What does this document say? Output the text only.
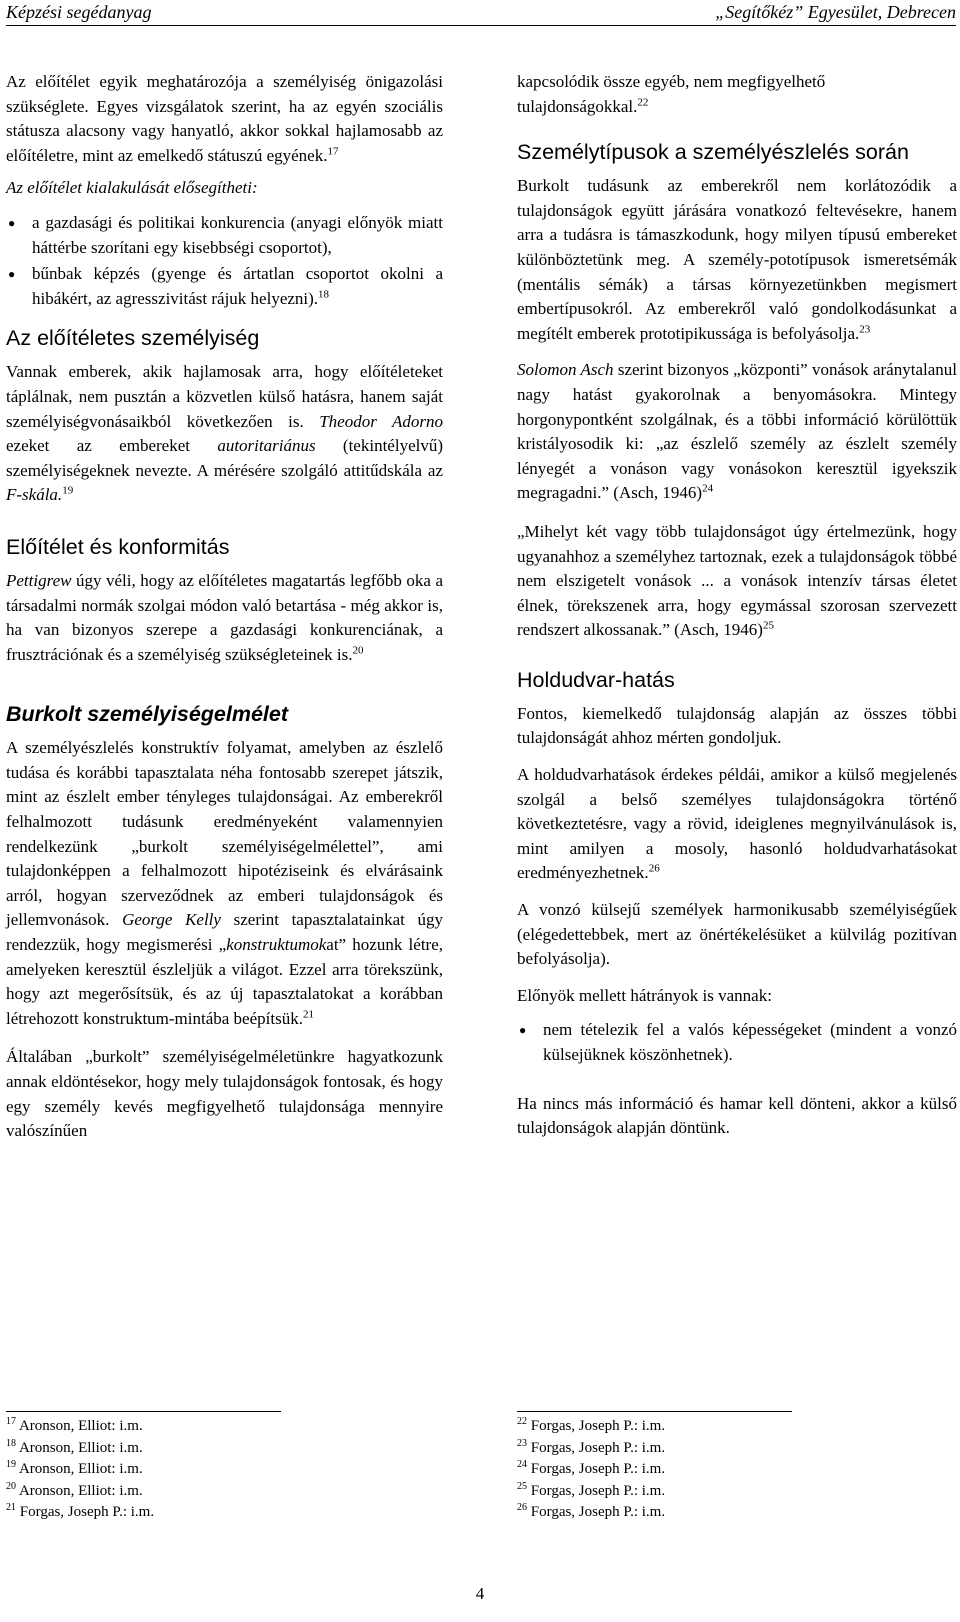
Képzési segédanyag	„Segítőkéz” Egyesület, Debrecen

Az előítélet egyik meghatározója a személyiség önigazolási szükséglete. Egyes vizsgálatok szerint, ha az egyén szociális státusza alacsony vagy hanyatló, akkor sokkal hajlamosabb az előítéletre, mint az emelkedő státuszú egyének.$^{17}$

Az előítélet kialakulását elősegítheti:

● a gazdasági és politikai konkurencia (anyagi előnyök miatt háttérbe szorítani egy kisebbségi csoportot),
● bűnbak képzés (gyenge és ártatlan csoportot okolni a hibákért, az agresszivitást rájuk helyezni).$^{18}$
Az előítéletes személyiség

Vannak emberek, akik hajlamosak arra, hogy előítéleteket táplálnak, nem pusztán a közvetlen külső hatásra, hanem saját személyiségvonásaikból következően is. Theodor Adorno ezeket az embereket autoritariánus (tekintélyelvű) személyiségeknek nevezte. A mérésére szolgáló attitűdskála az F-skála.$^{19}$

Előítélet és konformitás

Pettigrew úgy véli, hogy az előítéletes magatartás legfőbb oka a társadalmi normák szolgai módon való betartása - még akkor is, ha van bizonyos szerepe a gazdasági konkurenciának, a frusztrációnak és a személyiség szükségleteinek is.$^{20}$

Burkolt személyiségelmélet

A személyészlelés konstruktív folyamat, amelyben az észlelő tudása és korábbi tapasztalata néha fontosabb szerepet játszik, mint az észlelt ember tényleges tulajdonságai. Az emberekről felhalmozott tudásunk eredményeként valamennyien rendelkezünk „burkolt személyiségelmélettel”, ami tulajdonképpen a felhalmozott hipotéziseink és elvárásaink arról, hogyan szerveződnek az emberi tulajdonságok és jellemvonások. George Kelly szerint tapasztalatainkat úgy rendezzük, hogy megismerési „konstruktumokat” hozunk létre, amelyeken keresztül észleljük a világot. Ezzel arra törekszünk, hogy azt megerősítsük, és az új tapasztalatokat a korábban létrehozott konstruktum-mintába beépítsük.$^{21}$

Általában „burkolt” személyiségelméletünkre hagyatkozunk annak eldöntésekor, hogy mely tulajdonságok fontosak, és hogy egy személy kevés megfigyelhető tulajdonsága mennyire valószínűen

kapcsolódik össze egyéb, nem megfigyelhető tulajdonságokkal.$^{22}$

Személytípusok a személyészlelés során

Burkolt tudásunk az emberekről nem korlátozódik a tulajdonságok együtt járására vonatkozó feltevésekre, hanem arra a tudásra is támaszkodunk, hogy milyen típusú embereket különböztetünk meg. A személy-pototípusok ismeretsémák (mentális sémák) a társas környezetünkben megismert embertípusokról. Az emberekről való gondolkodásunkat a megítélt emberek prototipikussága is befolyásolja.$^{23}$

Solomon Asch szerint bizonyos „központi” vonások aránytalanul nagy hatást gyakorolnak a benyomásokra. Mintegy horgonypontként szolgálnak, és a többi információ körülöttük kristályosodik ki: „az észlelő személy az észlelt személy lényegét a vonáson vagy vonásokon keresztül igyekszik megragadni.” (Asch, 1946)$^{24}$

„Mihelyt két vagy több tulajdonságot úgy értelmezünk, hogy ugyanahhoz a személyhez tartoznak, ezek a tulajdonságok többé nem elszigetelt vonások ... a vonások intenzív társas életet élnek, törekszenek arra, hogy egymással szorosan szervezett rendszert alkossanak.” (Asch, 1946)$^{25}$

Holdudvar-hatás

Fontos, kiemelkedő tulajdonság alapján az összes többi tulajdonságát ahhoz mérten gondoljuk.

A holdudvarhatások érdekes példái, amikor a külső megjelenés szolgál a belső személyes tulajdonságokra történő következtetésre, vagy a rövid, ideiglenes megnyilvánulások is, mint amilyen a mosoly, hasonló holdudvarhatásokat eredményezhetnek.$^{26}$

A vonzó külsejű személyek harmonikusabb személyiségűek (elégedettebbek, mert az önértékelésüket a külvilág pozitívan befolyásolja).

Előnyök mellett hátrányok is vannak:

● nem tételezik fel a valós képességeket (mindent a vonzó külsejüknek köszönhetnek).

Ha nincs más információ és hamar kell dönteni, akkor a külső tulajdonságok alapján döntünk.

$^{17}$ Aronson, Elliot: i.m.
$^{18}$ Aronson, Elliot: i.m.
$^{19}$ Aronson, Elliot: i.m.
$^{20}$ Aronson, Elliot: i.m.
$^{21}$ Forgas, Joseph P.: i.m.
$^{22}$ Forgas, Joseph P.: i.m.
$^{23}$ Forgas, Joseph P.: i.m.
$^{24}$ Forgas, Joseph P.: i.m.
$^{25}$ Forgas, Joseph P.: i.m.
$^{26}$ Forgas, Joseph P.: i.m.
4
